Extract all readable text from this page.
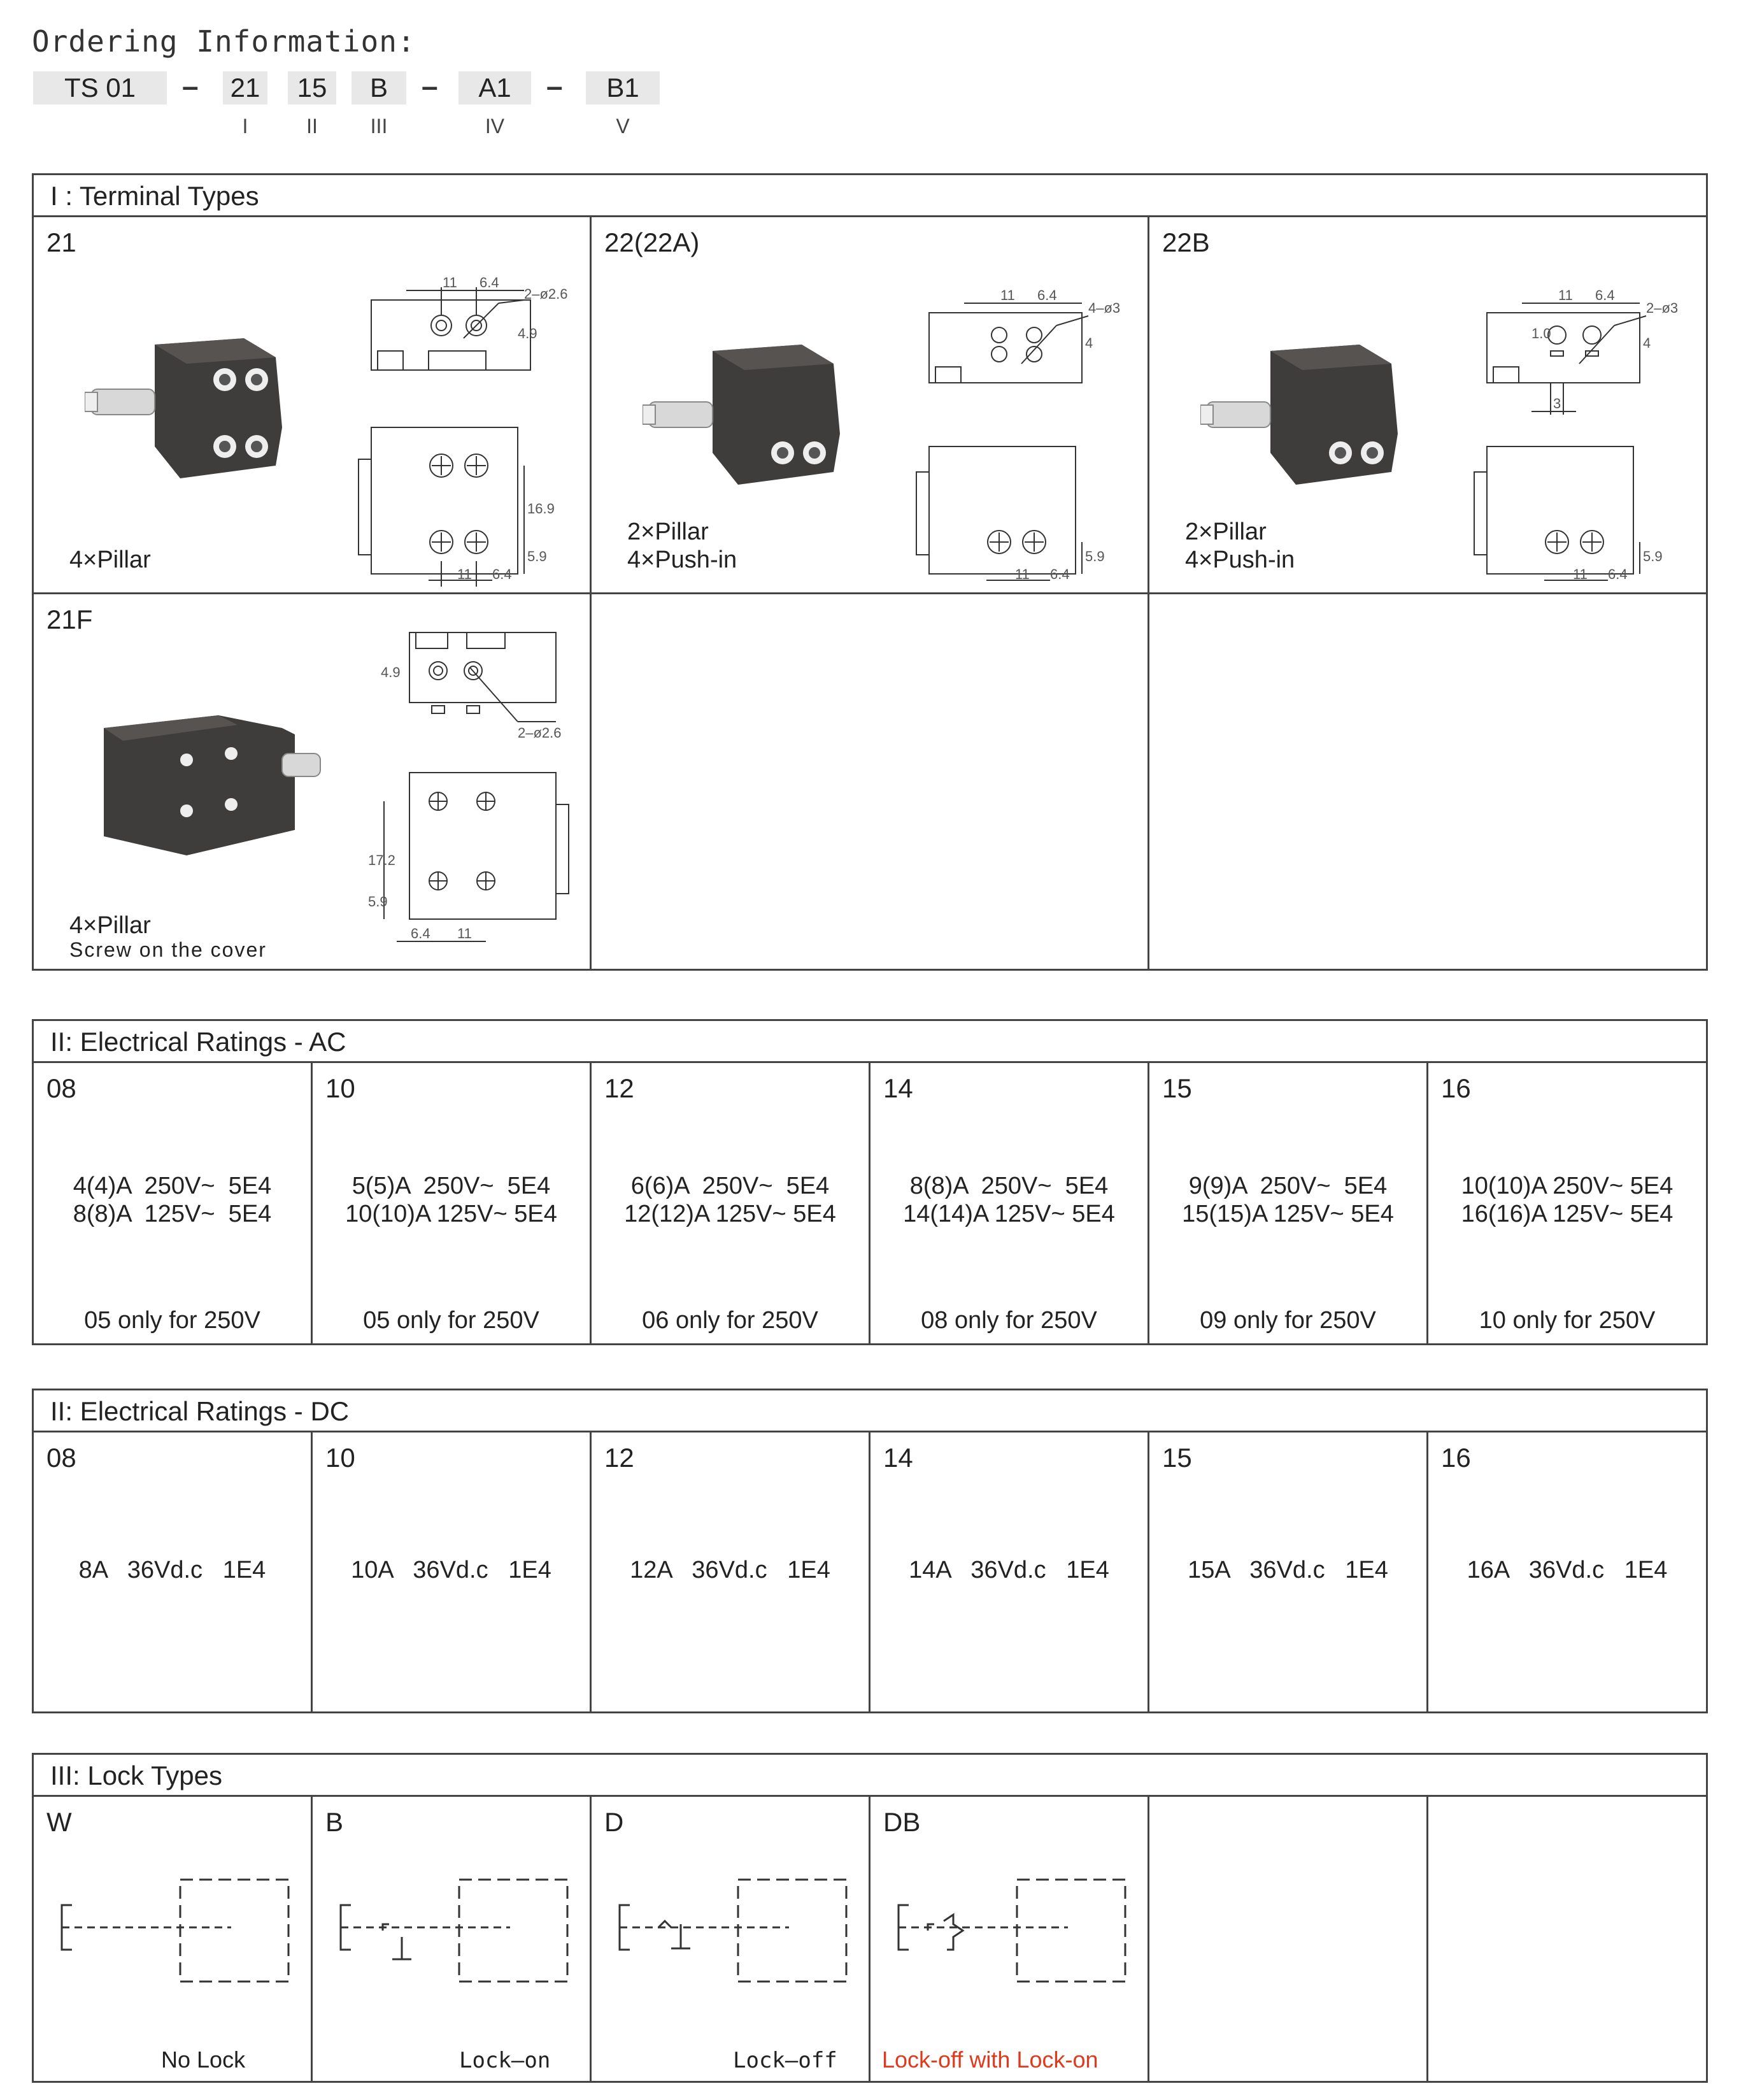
Ordering Information:
TS 01	– 21	15	B	–	A1	–	B1
I	II	III	IV	V
I : Terminal Types
21
11 6.4
2–ø2.6
4.9
16.9
5.9
11 6.4
4×Pillar
22(22A)
11 6.4
4–ø3
4
5.9
11 6.4
2×Pillar
4×Push-in
22B
11 6.4
2–ø3
1.0
4
3
5.9
11 6.4
2×Pillar
4×Push-in
21F
4.9
2–ø2.6
17.2
5.9
6.4 11
4×Pillar
Screw on the cover
II: Electrical Ratings - AC
08
4(4)A  250V~  5E4
8(8)A  125V~  5E4
05 only for 250V
10
5(5)A  250V~  5E4
10(10)A 125V~ 5E4
05 only for 250V
12
6(6)A  250V~  5E4
12(12)A 125V~ 5E4
06 only for 250V
14
8(8)A  250V~  5E4
14(14)A 125V~ 5E4
08 only for 250V
15
9(9)A  250V~  5E4
15(15)A 125V~ 5E4
09 only for 250V
16
10(10)A 250V~ 5E4
16(16)A 125V~ 5E4
10 only for 250V
II: Electrical Ratings - DC
08
8A   36Vd.c   1E4
10
10A   36Vd.c   1E4
12
12A   36Vd.c   1E4
14
14A   36Vd.c   1E4
15
15A   36Vd.c   1E4
16
16A   36Vd.c   1E4
III: Lock Types
W
No Lock
B
Lock–on
D
Lock–off
DB
Lock-off with Lock-on
